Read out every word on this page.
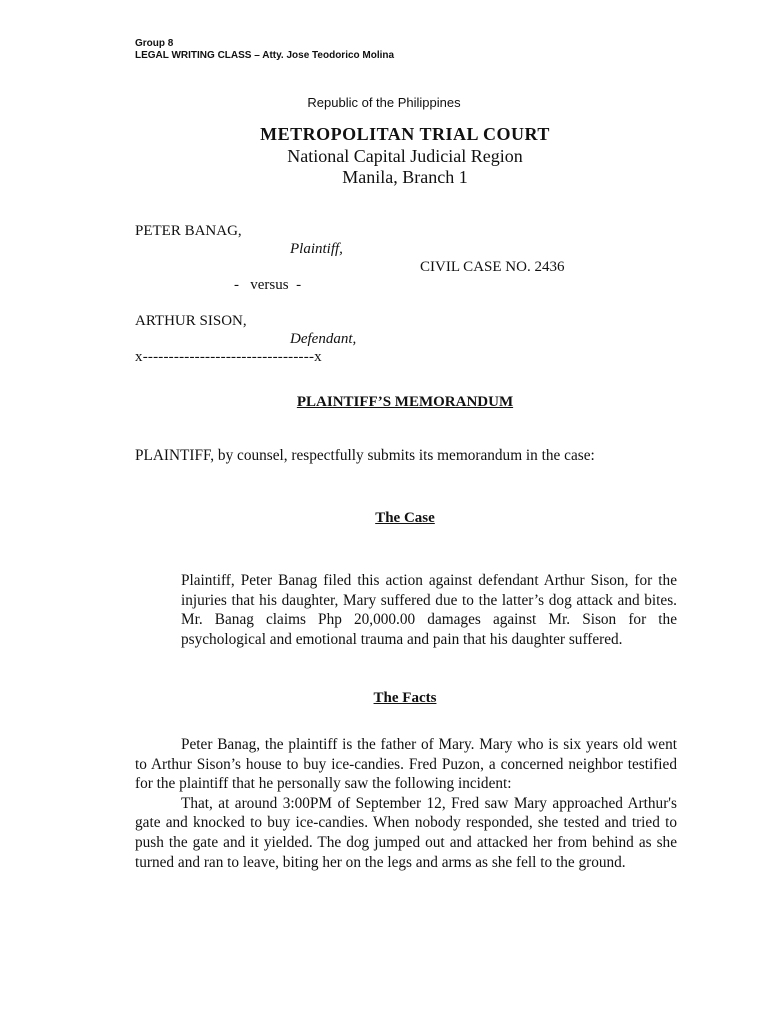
Group 8
LEGAL WRITING CLASS – Atty. Jose Teodorico Molina
Republic of the Philippines
METROPOLITAN TRIAL COURT
National Capital Judicial Region
Manila, Branch 1
PETER BANAG,
Plaintiff,
CIVIL CASE NO. 2436
-   versus  -
ARTHUR SISON,
Defendant,
x---------------------------------x
PLAINTIFF’S MEMORANDUM

PLAINTIFF, by counsel, respectfully submits its memorandum in the case:

The Case

Plaintiff, Peter Banag filed this action against defendant Arthur Sison, for the injuries that his daughter, Mary suffered due to the latter’s dog attack and bites. Mr. Banag claims Php 20,000.00 damages against Mr. Sison for the psychological and emotional trauma and pain that his daughter suffered.

The Facts

Peter Banag, the plaintiff is the father of Mary. Mary who is six years old went to Arthur Sison’s house to buy ice-candies. Fred Puzon, a concerned neighbor testified for the plaintiff that he personally saw the following incident:

That, at around 3:00PM of September 12, Fred saw Mary approached Arthur's gate and knocked to buy ice-candies. When nobody responded, she tested and tried to push the gate and it yielded. The dog jumped out and attacked her from behind as she turned and ran to leave, biting her on the legs and arms as she fell to the ground.
